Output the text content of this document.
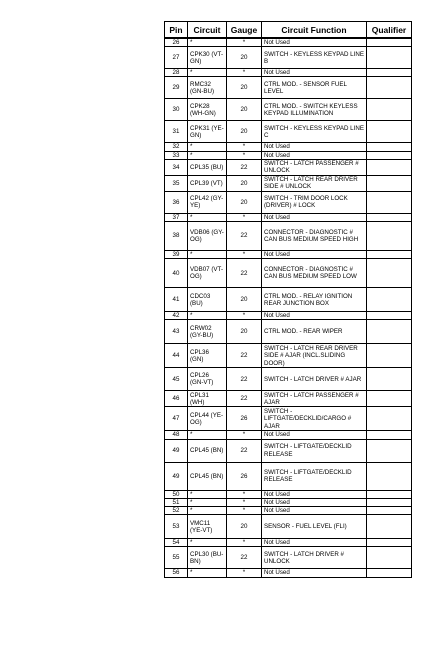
Pin	Circuit	Gauge	Circuit Function	Qualifier
26	*	*	Not Used	
27	CPK30 (VT-GN)	20	SWITCH - KEYLESS KEYPAD LINE B	
28	*	*	Not Used	
29	RMC32 (GN-BU)	20	CTRL MOD. - SENSOR FUEL LEVEL	
30	CPK28 (WH-GN)	20	CTRL MOD. - SWITCH KEYLESS KEYPAD ILLUMINATION	
31	CPK31 (YE-GN)	20	SWITCH - KEYLESS KEYPAD LINE C	
32	*	*	Not Used	
33	*	*	Not Used	
34	CPL35 (BU)	22	SWITCH - LATCH PASSENGER # UNLOCK	
35	CPL39 (VT)	20	SWITCH - LATCH REAR DRIVER SIDE # UNLOCK	
36	CPL42 (GY-YE)	20	SWITCH - TRIM DOOR LOCK (DRIVER) # LOCK	
37	*	*	Not Used	
38	VDB06 (GY-OG)	22	CONNECTOR - DIAGNOSTIC # CAN BUS MEDIUM SPEED HIGH	
39	*	*	Not Used	
40	VDB07 (VT-OG)	22	CONNECTOR - DIAGNOSTIC # CAN BUS MEDIUM SPEED LOW	
41	CDC03 (BU)	20	CTRL MOD. - RELAY IGNITION REAR JUNCTION BOX	
42	*	*	Not Used	
43	CRW02 (GY-BU)	20	CTRL MOD. - REAR WIPER	
44	CPL36 (GN)	22	SWITCH - LATCH REAR DRIVER SIDE # AJAR (INCL.SLIDING DOOR)	
45	CPL26 (GN-VT)	22	SWITCH - LATCH DRIVER # AJAR	
46	CPL31 (WH)	22	SWITCH - LATCH PASSENGER # AJAR	
47	CPL44 (YE-OG)	26	SWITCH - LIFTGATE/DECKLID/CARGO # AJAR	
48	*	*	Not Used	
49	CPL45 (BN)	22	SWITCH - LIFTGATE/DECKLID RELEASE	
49	CPL45 (BN)	26	SWITCH - LIFTGATE/DECKLID RELEASE	
50	*	*	Not Used	
51	*	*	Not Used	
52	*	*	Not Used	
53	VMC11 (YE-VT)	20	SENSOR - FUEL LEVEL (FLI)	
54	*	*	Not Used	
55	CPL30 (BU-BN)	22	SWITCH - LATCH DRIVER # UNLOCK	
56	*	*	Not Used	
